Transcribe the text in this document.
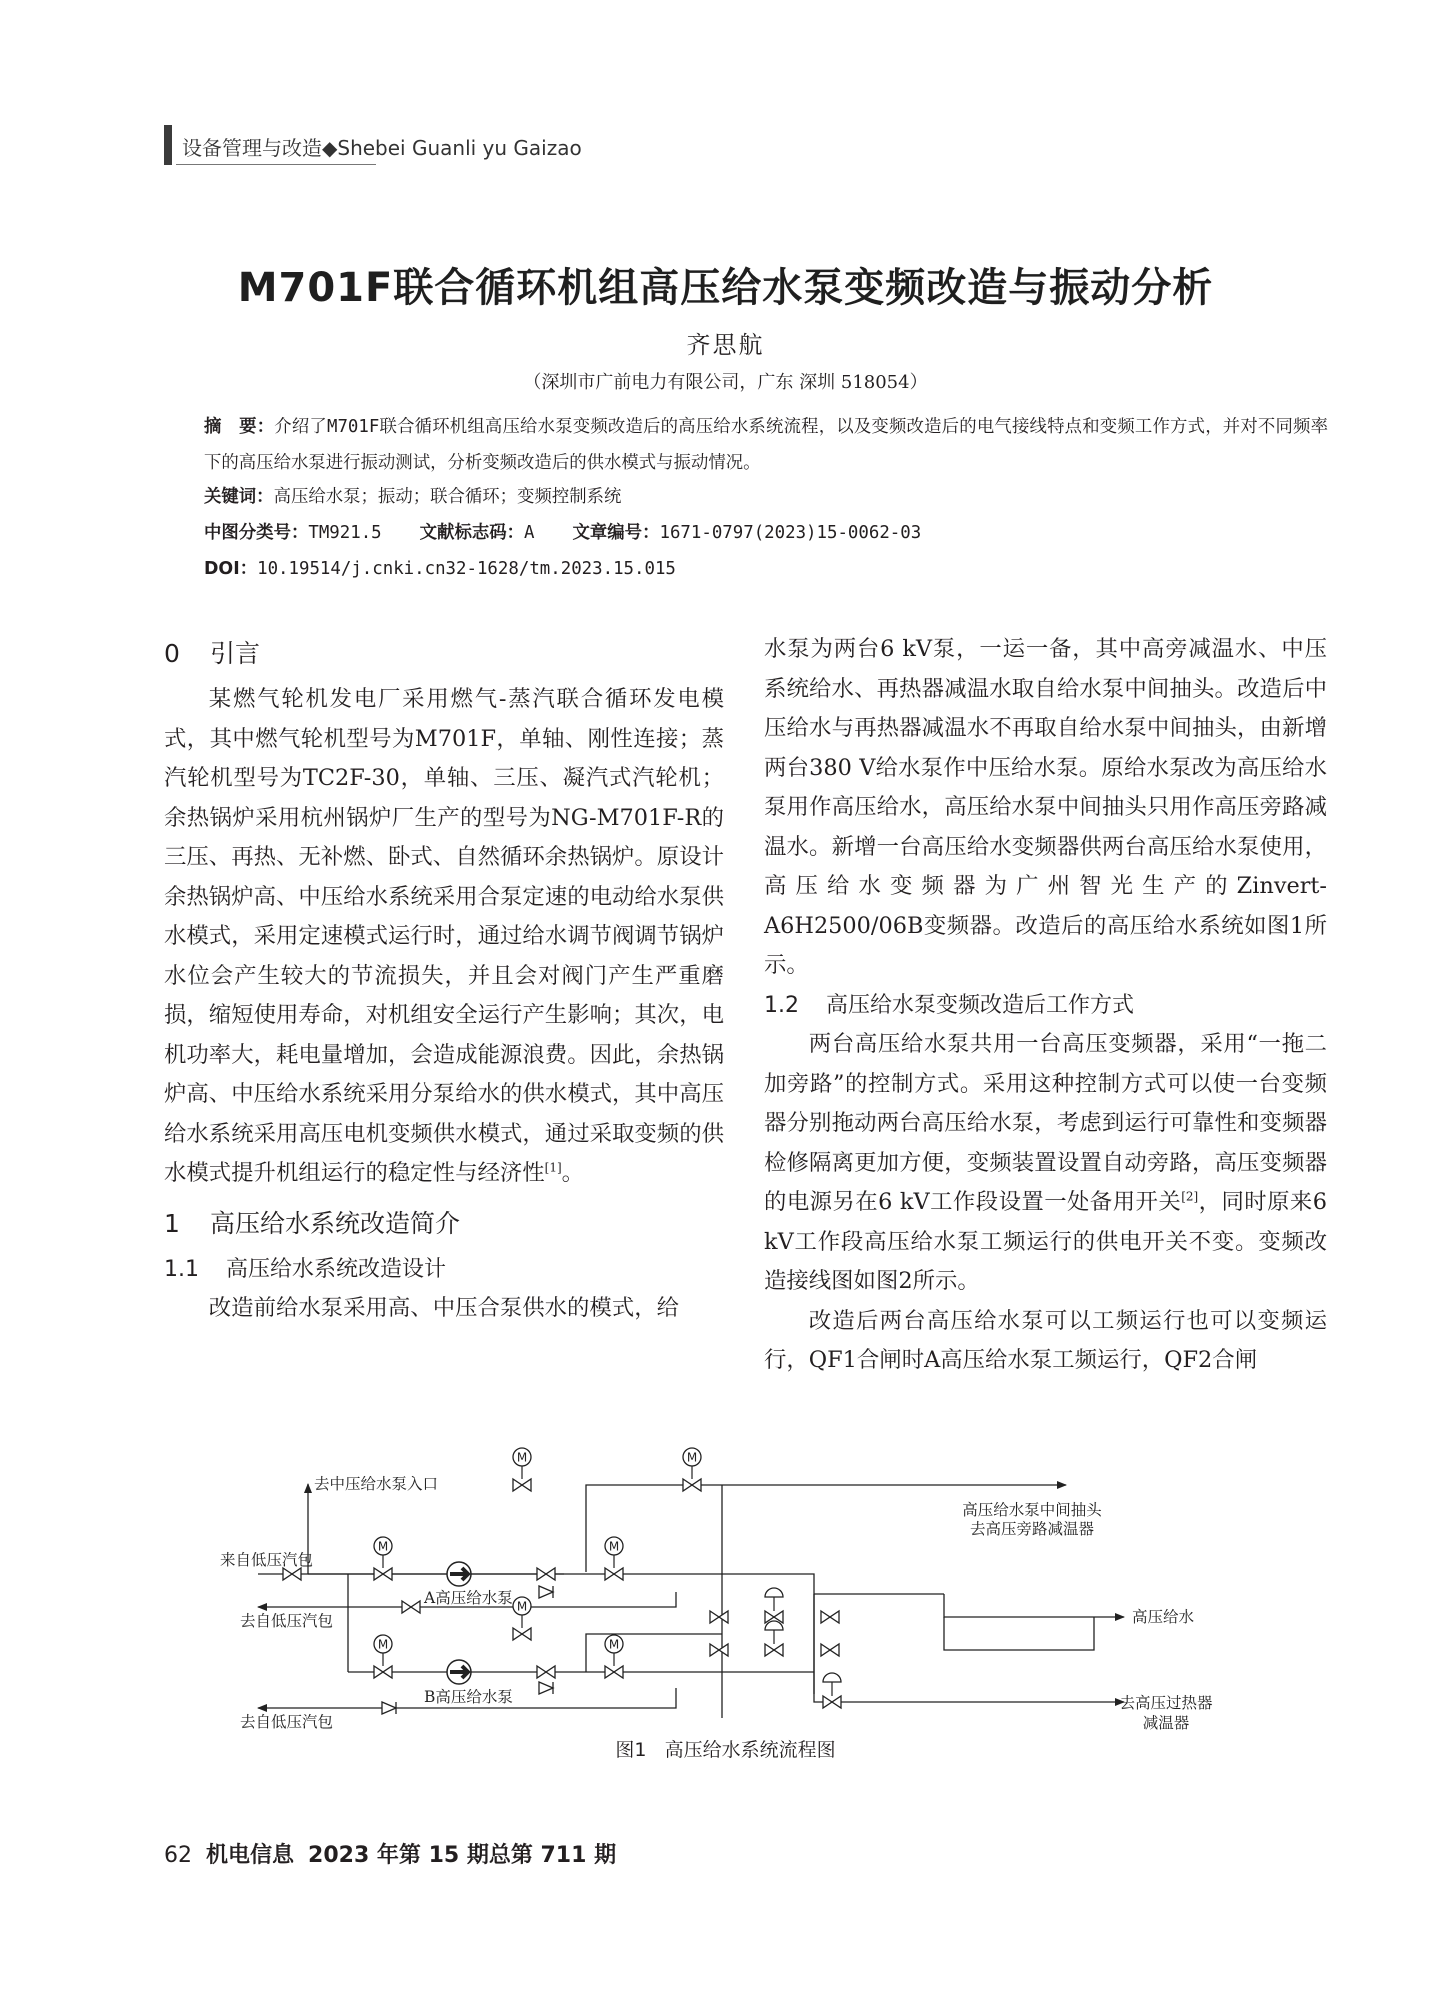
设备管理与改造◆Shebei Guanli yu Gaizao
M701F联合循环机组高压给水泵变频改造与振动分析
齐思航
（深圳市广前电力有限公司，广东 深圳 518054）
摘　要：介绍了M701F联合循环机组高压给水泵变频改造后的高压给水系统流程，以及变频改造后的电气接线特点和变频工作方式，并对不同频率下的高压给水泵进行振动测试，分析变频改造后的供水模式与振动情况。
关键词：高压给水泵；振动；联合循环；变频控制系统
中图分类号：TM921.5 文献标志码：A 文章编号：1671-0797(2023)15-0062-03
DOI：10.19514/j.cnki.cn32-1628/tm.2023.15.015
0 引言

某燃气轮机发电厂采用燃气-蒸汽联合循环发电模式，其中燃气轮机型号为M701F，单轴、刚性连接；蒸汽轮机型号为TC2F-30，单轴、三压、凝汽式汽轮机；余热锅炉采用杭州锅炉厂生产的型号为NG-M701F-R的三压、再热、无补燃、卧式、自然循环余热锅炉。原设计余热锅炉高、中压给水系统采用合泵定速的电动给水泵供水模式，采用定速模式运行时，通过给水调节阀调节锅炉水位会产生较大的节流损失，并且会对阀门产生严重磨损，缩短使用寿命，对机组安全运行产生影响；其次，电机功率大，耗电量增加，会造成能源浪费。因此，余热锅炉高、中压给水系统采用分泵给水的供水模式，其中高压给水系统采用高压电机变频供水模式，通过采取变频的供水模式提升机组运行的稳定性与经济性[1]。

1 高压给水系统改造简介
1.1 高压给水系统改造设计

改造前给水泵采用高、中压合泵供水的模式，给

水泵为两台6 kV泵，一运一备，其中高旁减温水、中压系统给水、再热器减温水取自给水泵中间抽头。改造后中压给水与再热器减温水不再取自给水泵中间抽头，由新增两台380 V给水泵作中压给水泵。原给水泵改为高压给水泵用作高压给水，高压给水泵中间抽头只用作高压旁路减温水。新增一台高压给水变频器供两台高压给水泵使用，高压给水变频器为广州智光生产的Zinvert-A6H2500/06B变频器。改造后的高压给水系统如图1所示。

1.2 高压给水泵变频改造后工作方式

两台高压给水泵共用一台高压变频器，采用“一拖二加旁路”的控制方式。采用这种控制方式可以使一台变频器分别拖动两台高压给水泵，考虑到运行可靠性和变频器检修隔离更加方便，变频装置设置自动旁路，高压变频器的电源另在6 kV工作段设置一处备用开关[2]，同时原来6 kV工作段高压给水泵工频运行的供电开关不变。变频改造接线图如图2所示。

改造后两台高压给水泵可以工频运行也可以变频运行，QF1合闸时A高压给水泵工频运行，QF2合闸

M
去中压给水泵入口
来自低压汽包
去自低压汽包
去自低压汽包
A高压给水泵
B高压给水泵
高压给水泵中间抽头
去高压旁路减温器
高压给水
去高压过热器
减温器
图1 高压给水系统流程图
62 机电信息 2023 年第 15 期总第 711 期
